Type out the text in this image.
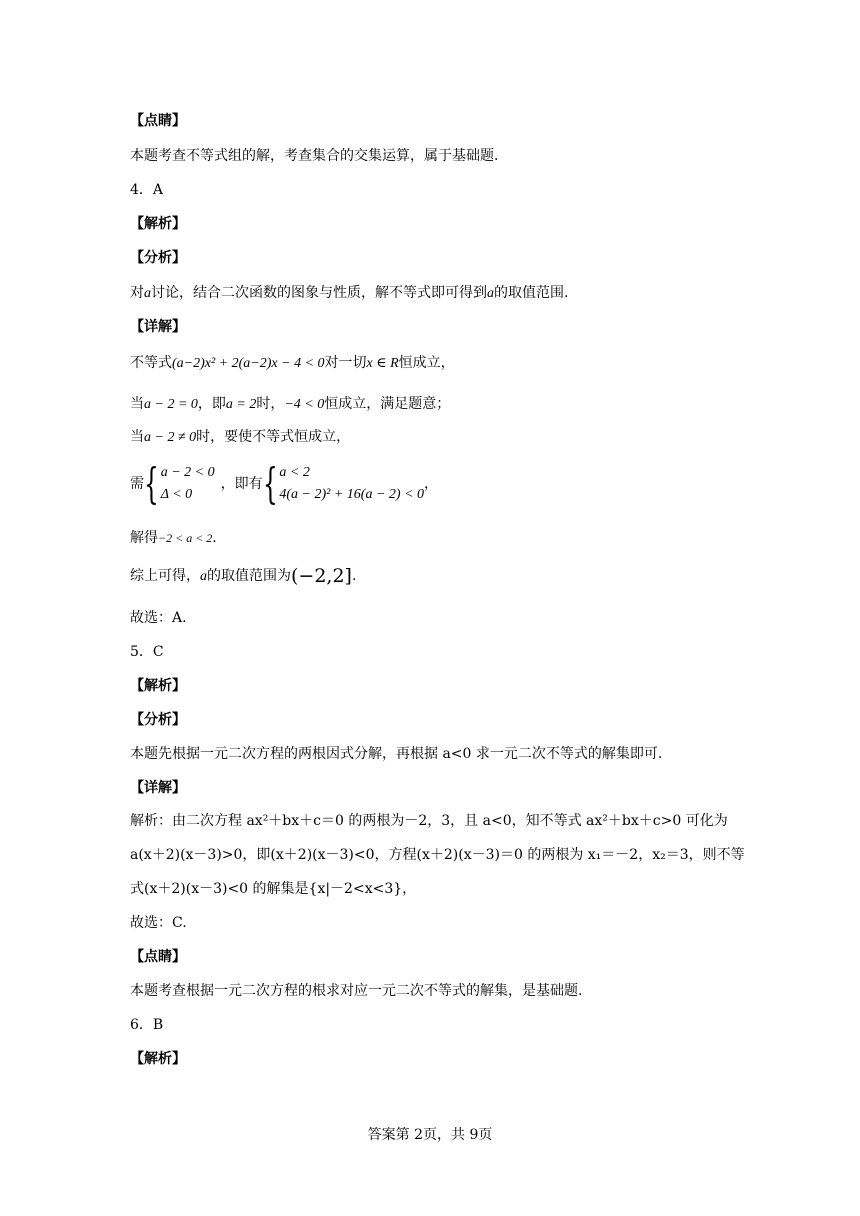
【点睛】
本题考查不等式组的解，考查集合的交集运算，属于基础题.
4．A
【解析】
【分析】
对a讨论，结合二次函数的图象与性质，解不等式即可得到a的取值范围.
【详解】
不等式(a−2)x² + 2(a−2)x − 4 < 0对一切x ∈ R恒成立，
当a − 2 = 0，即a = 2时，−4 < 0恒成立，满足题意；
当a − 2 ≠ 0时，要使不等式恒成立，
需{ a − 2 < 0
Δ < 0
，即有{ a < 2
4(a − 2)² + 16(a − 2) < 0
，
解得−2 < a < 2.
综上可得，a的取值范围为(−2,2].
故选：A.
5．C
【解析】
【分析】
本题先根据一元二次方程的两根因式分解，再根据 a<0 求一元二次不等式的解集即可.
【详解】
解析：由二次方程 ax²＋bx＋c＝0 的两根为－2，3，且 a<0，知不等式 ax²＋bx＋c>0 可化为
a(x＋2)(x－3)>0，即(x＋2)(x－3)<0，方程(x＋2)(x－3)＝0 的两根为 x₁＝－2，x₂＝3，则不等
式(x＋2)(x－3)<0 的解集是{x|－2<x<3}，
故选：C.
【点睛】
本题考查根据一元二次方程的根求对应一元二次不等式的解集，是基础题.
6．B
【解析】
答案第 2页，共 9页
